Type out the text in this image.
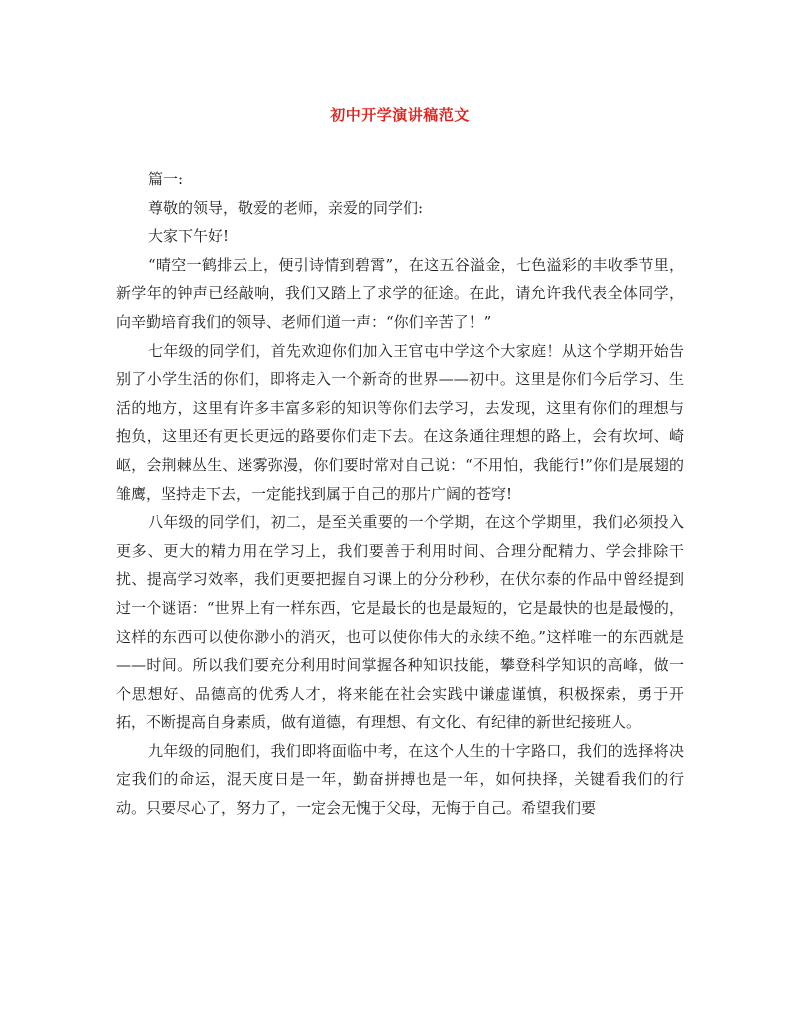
初中开学演讲稿范文

篇一:

尊敬的领导，敬爱的老师，亲爱的同学们:

大家下午好!

“晴空一鹤排云上，便引诗情到碧霄”，在这五谷溢金，七色溢彩的丰收季节里，新学年的钟声已经敲响，我们又踏上了求学的征途。在此，请允许我代表全体同学，向辛勤培育我们的领导、老师们道一声：“你们辛苦了！”

七年级的同学们，首先欢迎你们加入王官屯中学这个大家庭！从这个学期开始告别了小学生活的你们，即将走入一个新奇的世界——初中。这里是你们今后学习、生活的地方，这里有许多丰富多彩的知识等你们去学习，去发现，这里有你们的理想与抱负，这里还有更长更远的路要你们走下去。在这条通往理想的路上，会有坎坷、崎岖，会荆棘丛生、迷雾弥漫，你们要时常对自己说：“不用怕，我能行!”你们是展翅的雏鹰，坚持走下去，一定能找到属于自己的那片广阔的苍穹!

八年级的同学们，初二，是至关重要的一个学期，在这个学期里，我们必须投入更多、更大的精力用在学习上，我们要善于利用时间、合理分配精力、学会排除干扰、提高学习效率，我们更要把握自习课上的分分秒秒，在伏尔泰的作品中曾经提到过一个谜语：“世界上有一样东西，它是最长的也是最短的，它是最快的也是最慢的，这样的东西可以使你渺小的消灭，也可以使你伟大的永续不绝。”这样唯一的东西就是——时间。所以我们要充分利用时间掌握各种知识技能，攀登科学知识的高峰，做一个思想好、品德高的优秀人才，将来能在社会实践中谦虚谨慎，积极探索，勇于开拓，不断提高自身素质，做有道德，有理想、有文化、有纪律的新世纪接班人。

九年级的同胞们，我们即将面临中考，在这个人生的十字路口，我们的选择将决定我们的命运，混天度日是一年，勤奋拼搏也是一年，如何抉择，关键看我们的行动。只要尽心了，努力了，一定会无愧于父母，无悔于自己。希望我们要
